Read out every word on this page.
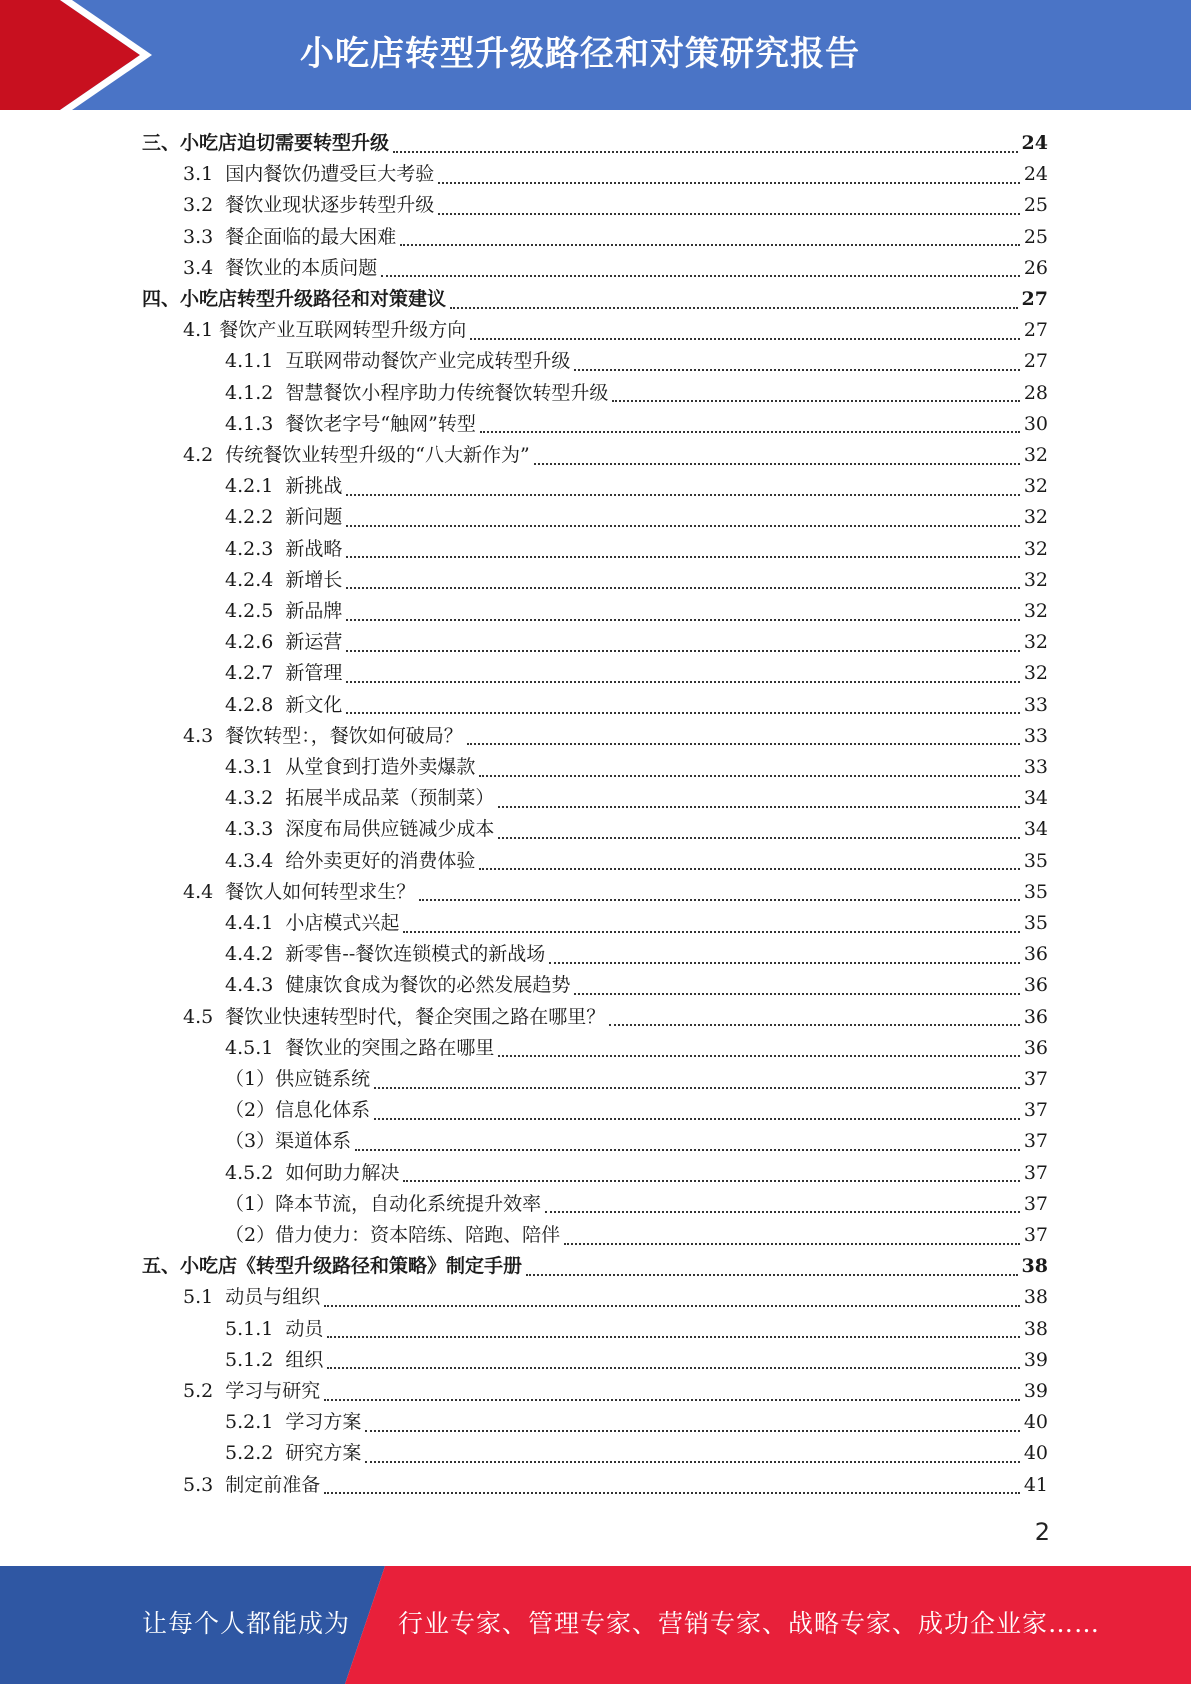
小吃店转型升级路径和对策研究报告
三、小吃店迫切需要转型升级	24
3.1  国内餐饮仍遭受巨大考验	24
3.2  餐饮业现状逐步转型升级	25
3.3  餐企面临的最大困难	25
3.4  餐饮业的本质问题	26
四、小吃店转型升级路径和对策建议	27
4.1 餐饮产业互联网转型升级方向	27
4.1.1  互联网带动餐饮产业完成转型升级	27
4.1.2  智慧餐饮小程序助力传统餐饮转型升级	28
4.1.3  餐饮老字号“触网”转型	30
4.2  传统餐饮业转型升级的“八大新作为”	32
4.2.1  新挑战	32
4.2.2  新问题	32
4.2.3  新战略	32
4.2.4  新增长	32
4.2.5  新品牌	32
4.2.6  新运营	32
4.2.7  新管理	32
4.2.8  新文化	33
4.3  餐饮转型：，餐饮如何破局？	33
4.3.1  从堂食到打造外卖爆款	33
4.3.2  拓展半成品菜（预制菜）	34
4.3.3  深度布局供应链减少成本	34
4.3.4  给外卖更好的消费体验	35
4.4  餐饮人如何转型求生？	35
4.4.1  小店模式兴起	35
4.4.2  新零售--餐饮连锁模式的新战场	36
4.4.3  健康饮食成为餐饮的必然发展趋势	36
4.5  餐饮业快速转型时代，餐企突围之路在哪里？	36
4.5.1  餐饮业的突围之路在哪里	36
（1）供应链系统	37
（2）信息化体系	37
（3）渠道体系	37
4.5.2  如何助力解决	37
（1）降本节流，自动化系统提升效率	37
（2）借力使力：资本陪练、陪跑、陪伴	37
五、小吃店《转型升级路径和策略》制定手册	38
5.1  动员与组织	38
5.1.1  动员	38
5.1.2  组织	39
5.2  学习与研究	39
5.2.1  学习方案	40
5.2.2  研究方案	40
5.3  制定前准备	41
2
让每个人都能成为 行业专家、管理专家、营销专家、战略专家、成功企业家……
